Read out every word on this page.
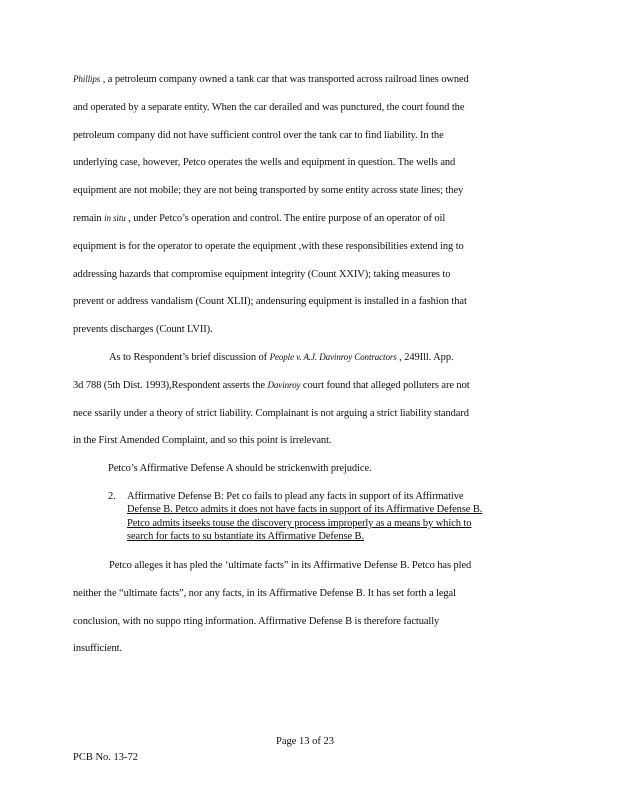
Phillips , a petroleum company owned a tank car that was transported across railroad lines owned
and operated by a separate entity. When the car derailed and was punctured, the court found the
petroleum company did not have sufficient control over the tank car to find liability. In the
underlying case, however, Petco operates the wells and equipment in question. The wells and
equipment are not mobile; they are not being transported by some entity across state lines; they
remain in situ , under Petco’s operation and control. The entire purpose of an operator of oil
equipment is for the operator to operate the equipment ,with these responsibilities extend ing to
addressing hazards that compromise equipment integrity (Count XXIV); taking measures to
prevent or address vandalism (Count XLII); andensuring equipment is installed in a fashion that
prevents discharges (Count LVII).
As to Respondent’s brief discussion of People v. A.J. Davinroy Contractors , 249Ill. App.
3d 788 (5th Dist. 1993),Respondent asserts the Davinroy court found that alleged polluters are not
nece ssarily under a theory of strict liability. Complainant is not arguing a strict liability standard
in the First Amended Complaint, and so this point is irrelevant.
Affirmative Defense B: Pet co fails to plead any facts in support of its Affirmative
Defense B. Petco admits it does not have facts in support of its Affirmative Defense B.
Petco admits itseeks touse the discovery process improperly as a means by which to
search for facts to su bstantiate its Affirmative Defense B.
Petco alleges it has pled the ‘ultimate facts” in its Affirmative Defense B. Petco has pled
neither the “ultimate facts”, nor any facts, in its Affirmative Defense B. It has set forth a legal
conclusion, with no suppo rting information. Affirmative Defense B is therefore factually
insufficient.
Petco’s Affirmative Defense A should be strickenwith prejudice.
2.
Page 13 of 23
PCB No. 13-72
